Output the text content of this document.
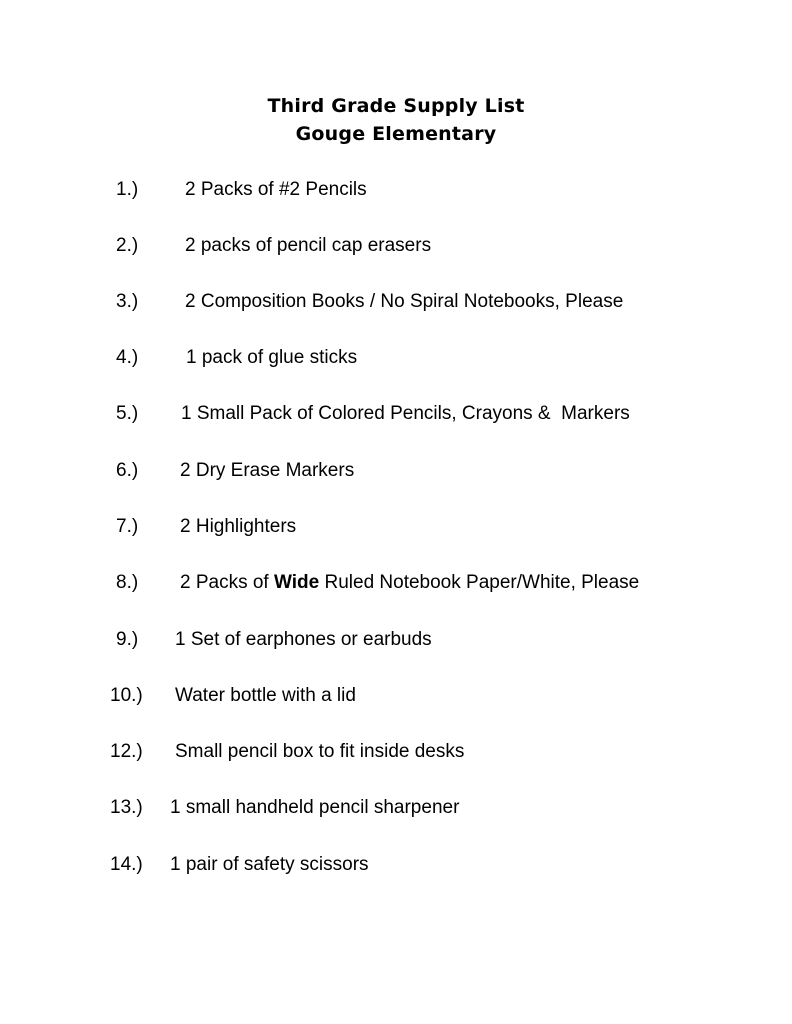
Third Grade Supply List
Gouge Elementary

1.)

2 Packs of #2 Pencils

2.)

2 packs of pencil cap erasers

3.)

2 Composition Books / No Spiral Notebooks, Please

4.)

	1 pack of glue sticks

5.)

1 Small Pack of Colored Pencils, Crayons &  Markers

6.)

2 Dry Erase Markers

7.)

2 Highlighters

8.)

2 Packs of Wide Ruled Notebook Paper/White, Please

9.)

1 Set of earphones or earbuds

10.)

Water bottle with a lid

12.)

Small pencil box to fit inside desks

13.)

1 small handheld pencil sharpener

14.)

1 pair of safety scissors
